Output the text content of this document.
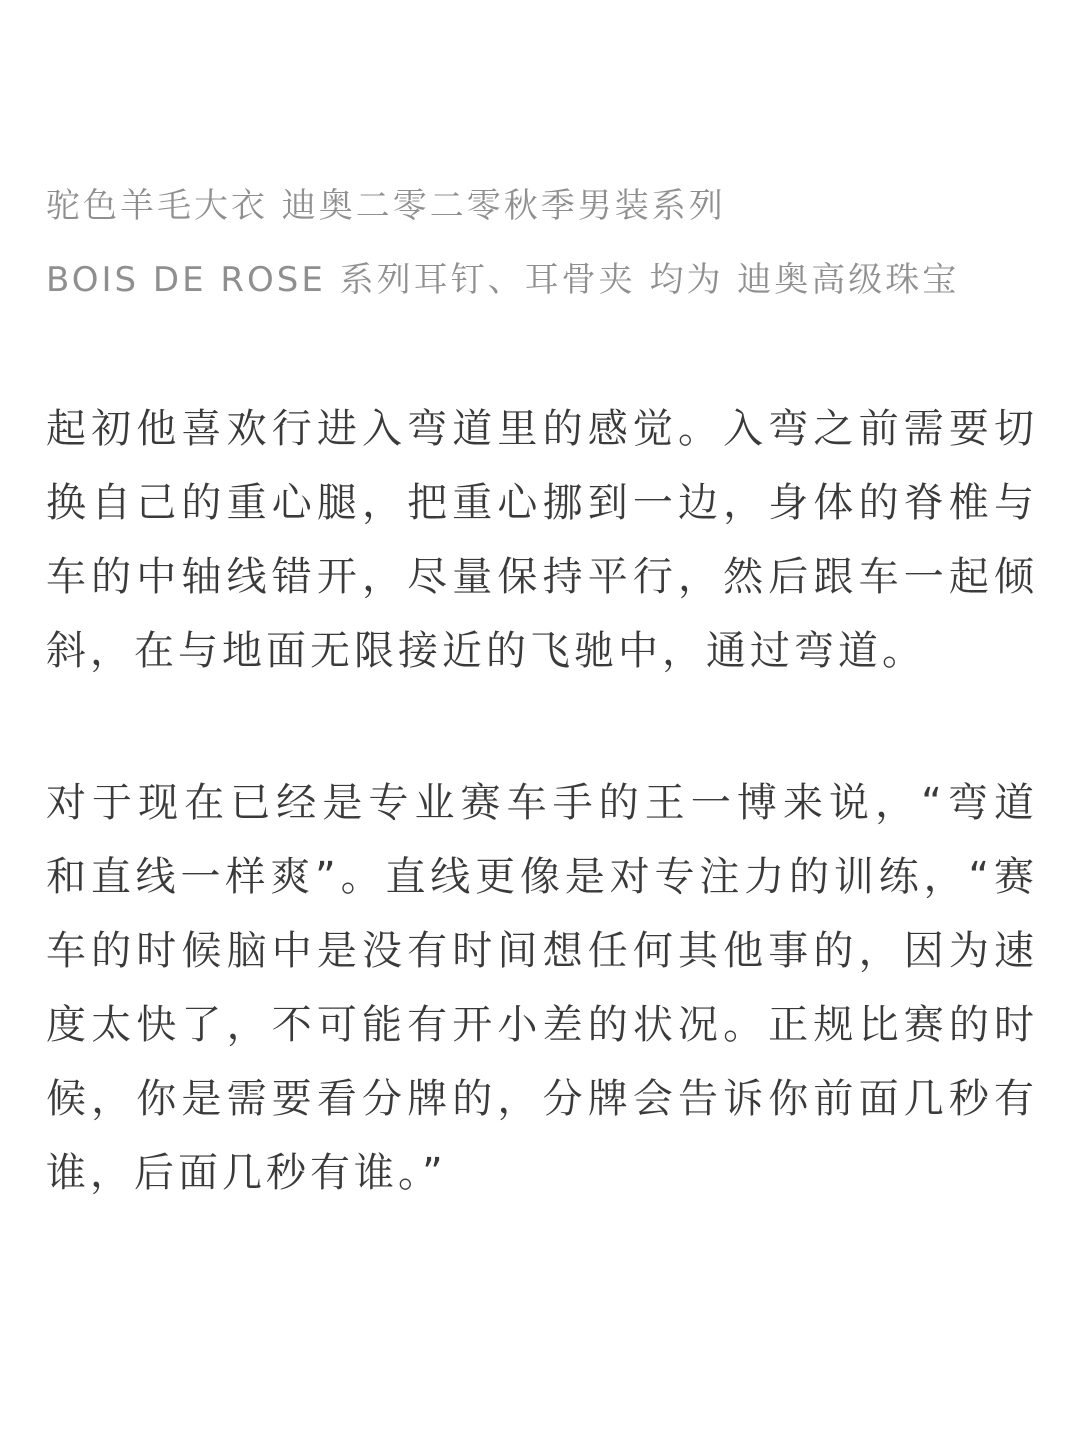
驼色羊毛大衣 迪奥二零二零秋季男装系列
BOIS DE ROSE 系列耳钉、耳骨夹 均为 迪奥高级珠宝

起初他喜欢行进入弯道里的感觉。入弯之前需要切换自己的重心腿，把重心挪到一边，身体的脊椎与车的中轴线错开，尽量保持平行，然后跟车一起倾斜，在与地面无限接近的飞驰中，通过弯道。

对于现在已经是专业赛车手的王一博来说，“弯道和直线一样爽”。直线更像是对专注力的训练，“赛车的时候脑中是没有时间想任何其他事的，因为速度太快了，不可能有开小差的状况。正规比赛的时候，你是需要看分牌的，分牌会告诉你前面几秒有谁，后面几秒有谁。”
